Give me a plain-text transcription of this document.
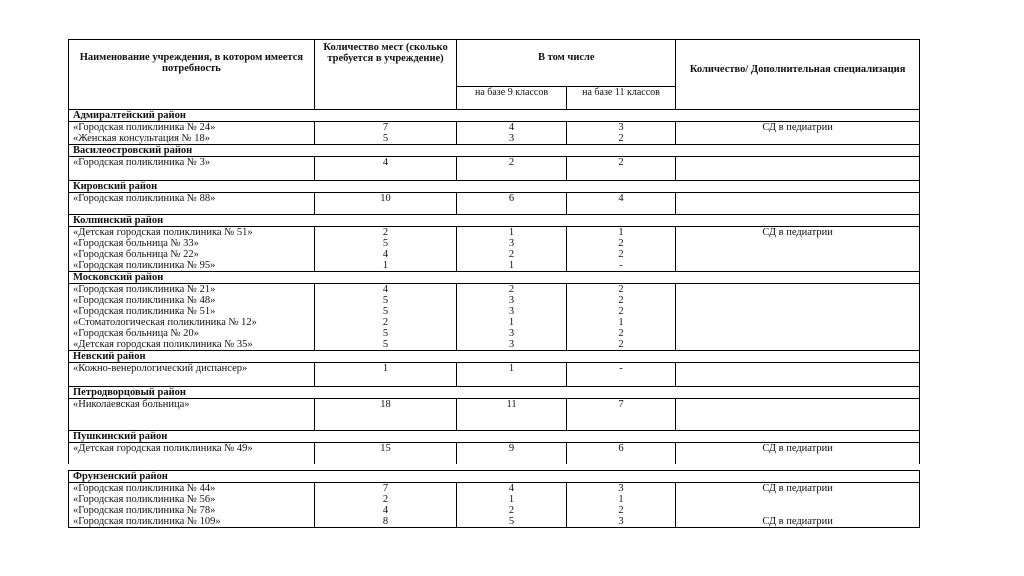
Наименование учреждения, в котором имеется потребность	Количество мест (сколько требуется в учреждение)	В том числе		Количество/ Дополнительная специализация
		на базе 9 классов	на базе 11 классов	
Адмиралтейский район				
«Городская поликлиника № 24»	7	4	3	СД в педиатрии
«Женская консультация № 18»	5	3	2	
Василеостровский район				
«Городская поликлиника № 3»	4	2	2	

Кировский район				
«Городская поликлиника № 88»	10	6	4	

Колпинский район				
«Детская городская поликлиника № 51»	2	1	1	СД в педиатрии
«Городская больница № 33»	5	3	2	
«Городская больница № 22»	4	2	2	
«Городская поликлиника № 95»	1	1	-	
Московский район				
«Городская поликлиника № 21»	4	2	2	
«Городская поликлиника № 48»	5	3	2	
«Городская поликлиника № 51»	5	3	2	
«Стоматологическая поликлиника № 12»	2	1	1	
«Городская больница № 20»	5	3	2	
«Детская городская поликлиника № 35»	5	3	2	
Невский район				
«Кожно-венерологический диспансер»	1	1	-	

Петродворцовый район				
«Николаевская больница»	18	11	7	

Пушкинский район				
«Детская городская поликлиника № 49»	15	9	6	СД в педиатрии

Фрунзенский район				
«Городская поликлиника № 44»	7	4	3	СД в педиатрии
«Городская поликлиника № 56»	2	1	1	
«Городская поликлиника № 78»	4	2	2	
«Городская поликлиника № 109»	8	5	3	СД в педиатрии
